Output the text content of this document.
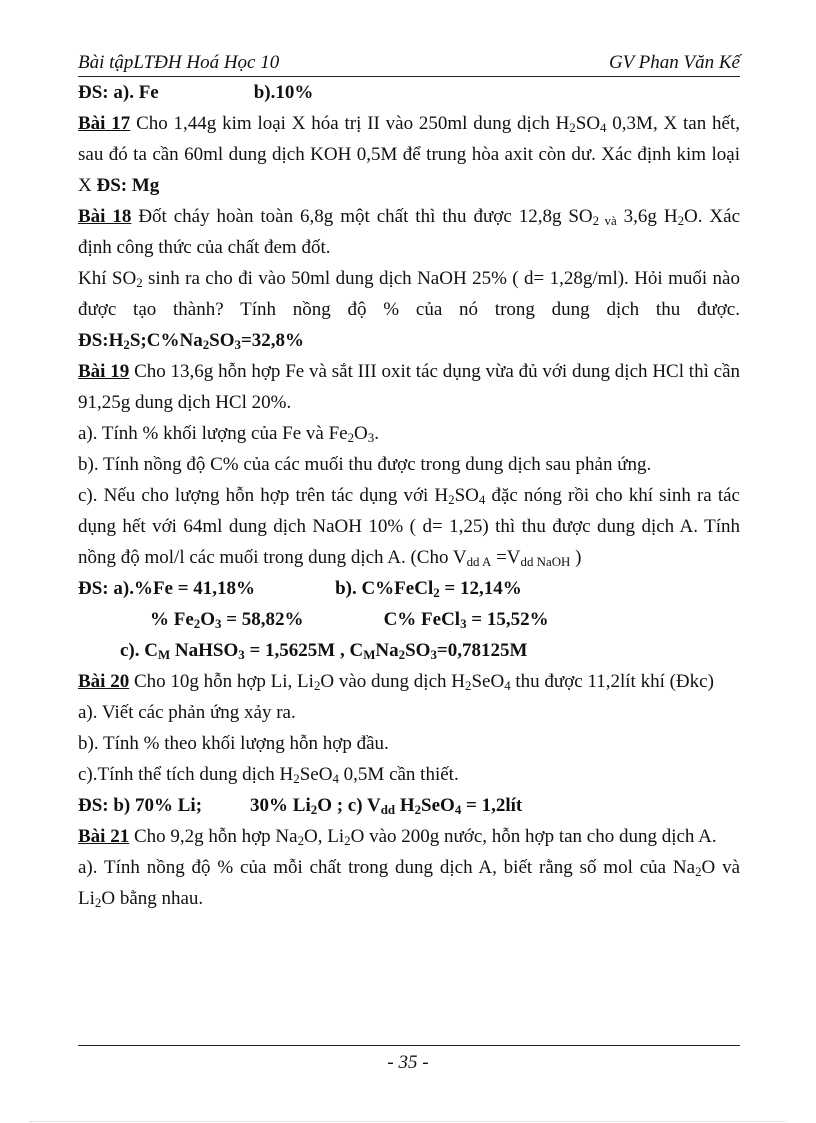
Bài tậpLTĐH Hoá Học 10	GV Phan Văn Kế

ĐS: a). Fe	b).10%

Bài 17 Cho 1,44g kim loại X hóa trị II vào 250ml dung dịch $H_2SO_4$ 0,3M, X tan hết, sau đó ta cần 60ml dung dịch KOH 0,5M để trung hòa axit còn dư. Xác định kim loại X ĐS: Mg

Bài 18 Đốt cháy hoàn toàn 6,8g một chất thì thu được 12,8g $SO_{2 và}$ 3,6g $H_2O$. Xác định công thức của chất đem đốt.

Khí $SO_2$ sinh ra cho đi vào 50ml dung dịch NaOH 25% ( d= 1,28g/ml). Hỏi muối nào được tạo thành? Tính nồng độ % của nó trong dung dịch thu được. $ĐS:H_2S;C\%Na_2SO_3=32,8\%$

Bài 19 Cho 13,6g hỗn hợp Fe và sắt III oxit tác dụng vừa đủ với dung dịch HCl thì cần 91,25g dung dịch HCl 20%.

a). Tính % khối lượng của Fe và $Fe_2O_3$.

b). Tính nồng độ C% của các muối thu được trong dung dịch sau phản ứng.

c). Nếu cho lượng hỗn hợp trên tác dụng với $H_2SO_4$ đặc nóng rồi cho khí sinh ra tác dụng hết với 64ml dung dịch NaOH 10% ( d= 1,25) thì thu được dung dịch A. Tính nồng độ mol/l các muối trong dung dịch A. (Cho $V_{dd A} =V_{dd NaOH}$ )

ĐS: a).%Fe = 41,18%	b). C%FeCl$_2$ = 12,14%

% $Fe_2O_3 = 58,82\%$	C% FeCl$_3$ = 15,52%

c). $C_M$ NaHSO$_3$ = 1,5625M , $C_MNa_2SO_3=0,78125M$

Bài 20 Cho 10g hỗn hợp Li, $Li_2O$ vào dung dịch $H_2SeO_4$ thu được 11,2lít khí (Đkc)

a). Viết các phản ứng xảy ra.

b). Tính % theo khối lượng hỗn hợp đầu.

c).Tính thể tích dung dịch $H_2SeO_4$ 0,5M cần thiết.

ĐS: b) 70% Li;	30% $Li_2O$ ; c) $V_{dd}$ $H_2SeO_4$ = 1,2lít

Bài 21 Cho 9,2g hỗn hợp $Na_2O$, $Li_2O$ vào 200g nước, hỗn hợp tan cho dung dịch A.

a). Tính nồng độ % của mỗi chất trong dung dịch A, biết rằng số mol của $Na_2O$ và $Li_2O$ bằng nhau.

- 35 -
